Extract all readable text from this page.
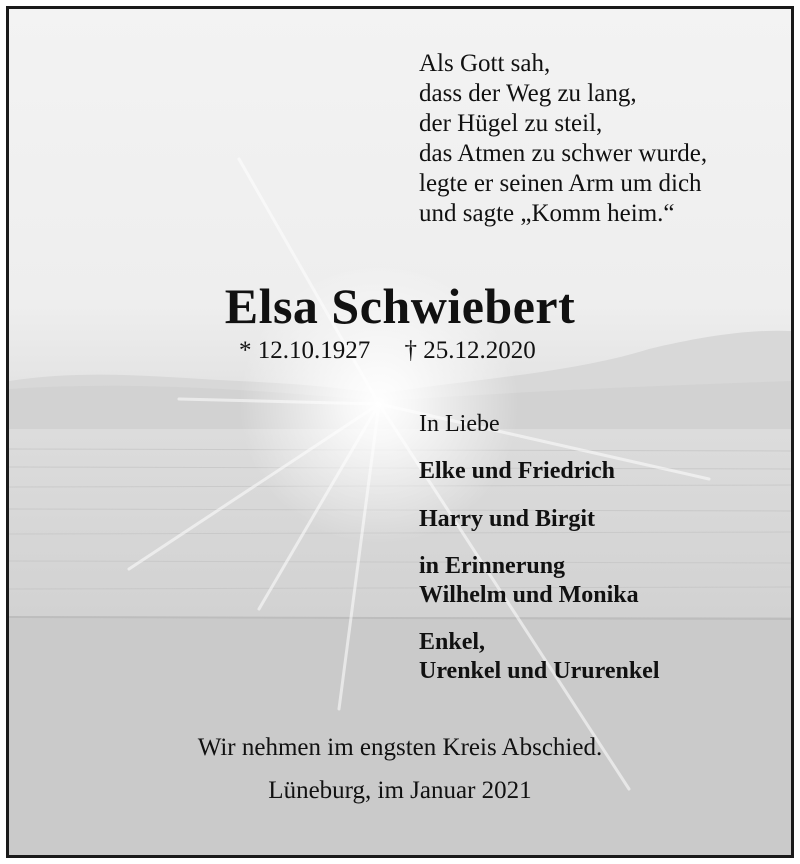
Als Gott sah,
dass der Weg zu lang,
der Hügel zu steil,
das Atmen zu schwer wurde,
legte er seinen Arm um dich
und sagte „Komm heim.“
Elsa Schwiebert
* 12.10.1927 † 25.12.2020
In Liebe
Elke und Friedrich
Harry und Birgit
in Erinnerung
Wilhelm und Monika
Enkel,
Urenkel und Ururenkel
Wir nehmen im engsten Kreis Abschied.
Lüneburg, im Januar 2021
